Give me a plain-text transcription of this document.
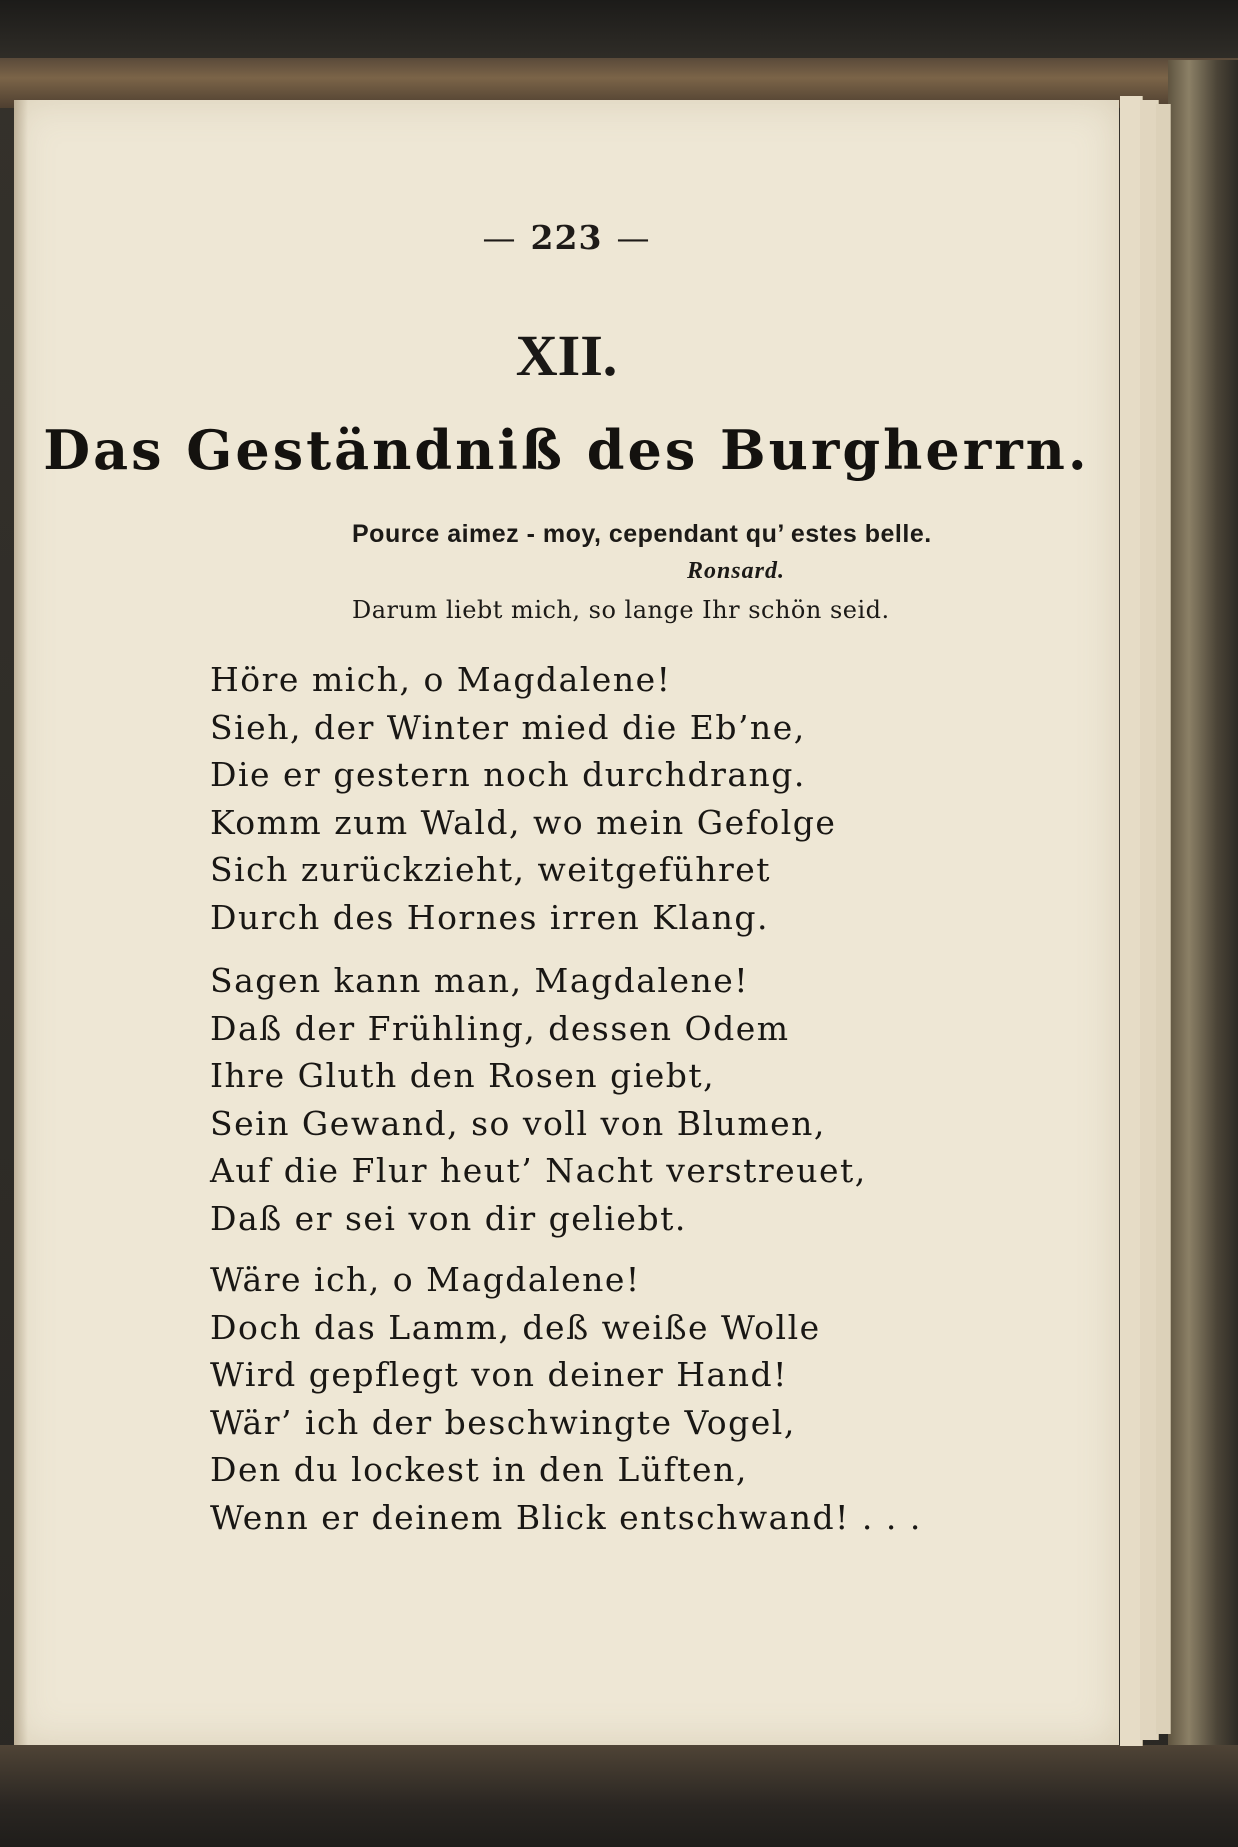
— 223 —
XII.
Das Geständniß des Burgherrn.
Pource aimez - moy, cependant qu’ estes belle.
Ronsard.
Darum liebt mich, so lange Ihr schön seid.
Höre mich, o Magdalene!
Sieh, der Winter mied die Eb’ne,
Die er gestern noch durchdrang.
Komm zum Wald, wo mein Gefolge
Sich zurückzieht, weitgeführet
Durch des Hornes irren Klang.
Sagen kann man, Magdalene!
Daß der Frühling, dessen Odem
Ihre Gluth den Rosen giebt,
Sein Gewand, so voll von Blumen,
Auf die Flur heut’ Nacht verstreuet,
Daß er sei von dir geliebt.
Wäre ich, o Magdalene!
Doch das Lamm, deß weiße Wolle
Wird gepflegt von deiner Hand!
Wär’ ich der beschwingte Vogel,
Den du lockest in den Lüften,
Wenn er deinem Blick entschwand! . . .
